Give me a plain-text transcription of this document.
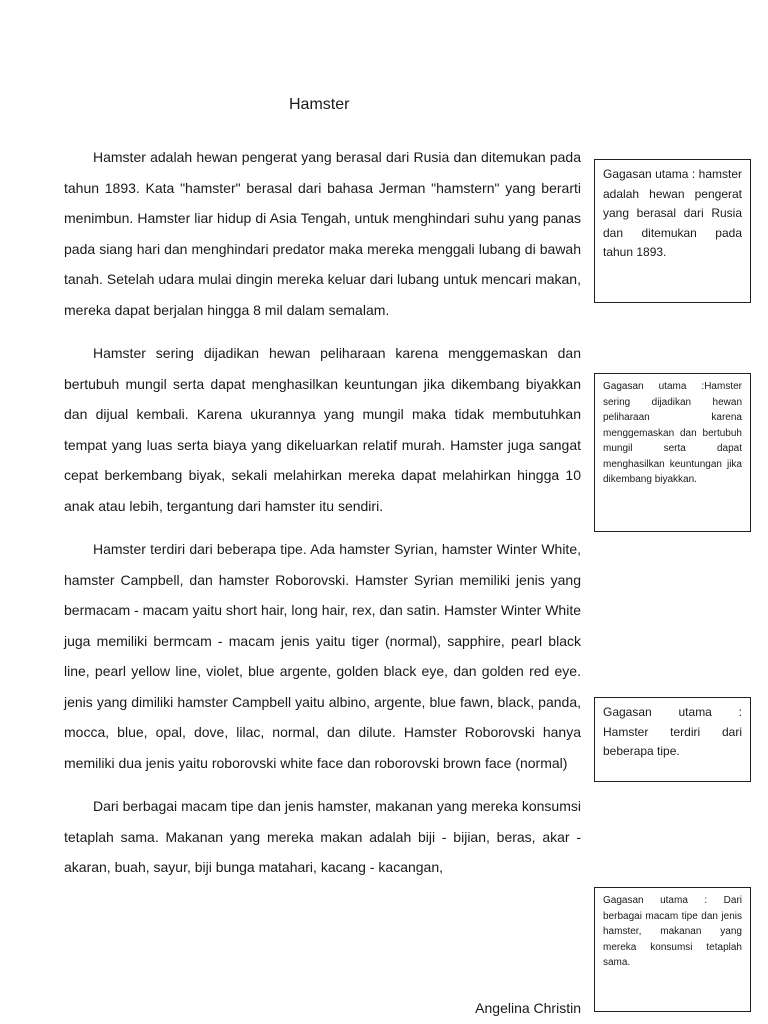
Hamster

Hamster adalah hewan pengerat yang berasal dari Rusia dan ditemukan pada tahun 1893. Kata "hamster" berasal dari bahasa Jerman "hamstern" yang berarti menimbun. Hamster liar hidup di Asia Tengah, untuk menghindari suhu yang panas pada siang hari dan menghindari predator maka mereka menggali lubang di bawah tanah. Setelah udara mulai dingin mereka keluar dari lubang untuk mencari makan, mereka dapat berjalan hingga 8 mil dalam semalam.

Hamster sering dijadikan hewan peliharaan karena menggemaskan dan bertubuh mungil serta dapat menghasilkan keuntungan jika dikembang biyakkan dan dijual kembali. Karena ukurannya yang mungil maka tidak membutuhkan tempat yang luas serta biaya yang dikeluarkan relatif murah. Hamster juga sangat cepat berkembang biyak, sekali melahirkan mereka dapat melahirkan hingga 10 anak atau lebih, tergantung dari hamster itu sendiri.

Hamster terdiri dari beberapa tipe. Ada hamster Syrian, hamster Winter White, hamster Campbell, dan hamster Roborovski. Hamster Syrian memiliki jenis yang bermacam - macam yaitu short hair, long hair, rex, dan satin. Hamster Winter White juga memiliki bermcam - macam jenis yaitu tiger (normal), sapphire, pearl black line, pearl yellow line, violet, blue argente, golden black eye, dan golden red eye. jenis yang dimiliki hamster Campbell yaitu albino, argente, blue fawn, black, panda, mocca, blue, opal, dove, lilac, normal, dan dilute. Hamster Roborovski hanya memiliki dua jenis yaitu roborovski white face dan roborovski brown face (normal)

Dari berbagai macam tipe dan jenis hamster, makanan yang mereka konsumsi tetaplah sama. Makanan yang mereka makan adalah biji - bijian, beras, akar - akaran, buah, sayur, biji bunga matahari, kacang - kacangan,

Gagasan utama : hamster adalah hewan pengerat yang berasal dari Rusia dan ditemukan pada tahun 1893.
Gagasan utama :Hamster sering dijadikan hewan peliharaan karena menggemaskan dan bertubuh mungil serta dapat menghasilkan keuntungan jika dikembang biyakkan.
Gagasan utama : Hamster terdiri dari beberapa tipe.
Gagasan utama : Dari berbagai macam tipe dan jenis hamster, makanan yang mereka konsumsi tetaplah sama.
Angelina Christin
